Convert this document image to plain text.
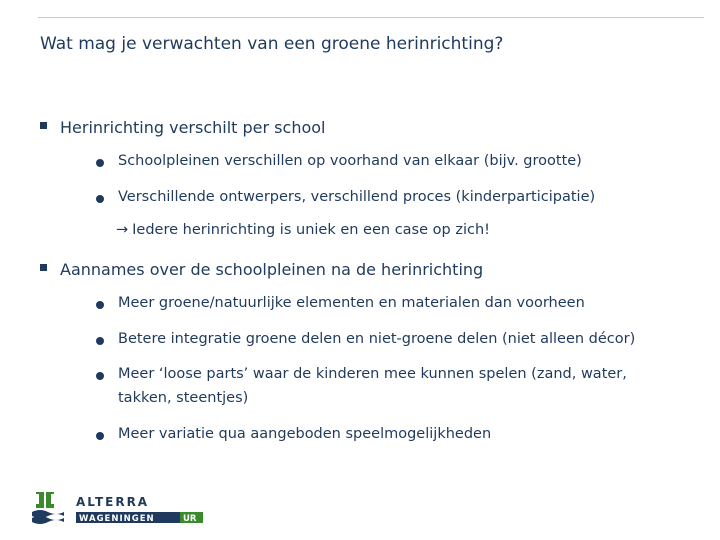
Wat mag je verwachten van een groene herinrichting?
Herinrichting verschilt per school
Schoolpleinen verschillen op voorhand van elkaar (bijv. grootte)
Verschillende ontwerpers, verschillend proces (kinderparticipatie)
→ Iedere herinrichting is uniek en een case op zich!
Aannames over de schoolpleinen na de herinrichting
Meer groene/natuurlijke elementen en materialen dan voorheen
Betere integratie groene delen en niet-groene delen (niet alleen décor)
Meer ‘loose parts’ waar de kinderen mee kunnen spelen (zand, water,
takken, steentjes)
Meer variatie qua aangeboden speelmogelijkheden
ALTERRA
WAGENINGEN	UR
